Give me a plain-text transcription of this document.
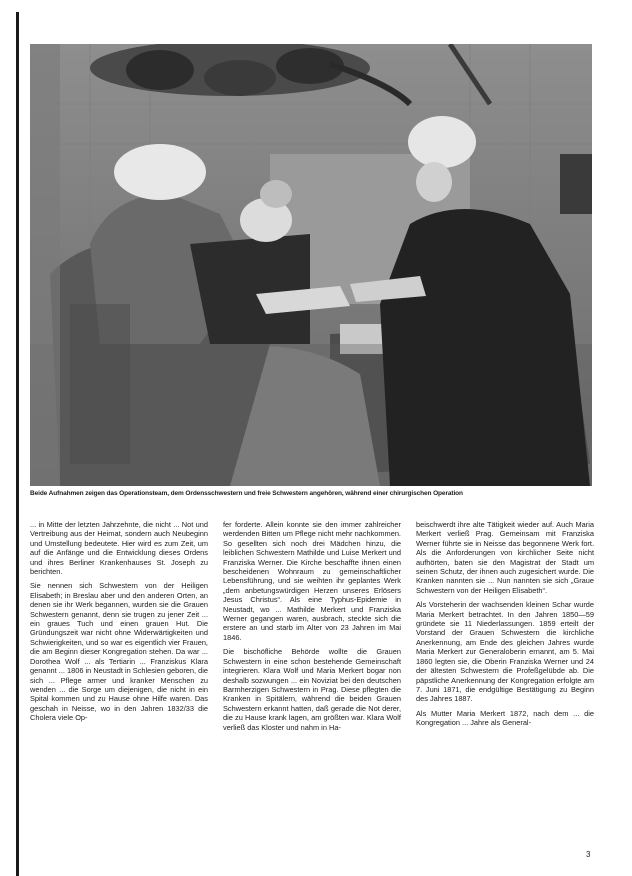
Beide Aufnahmen zeigen das Operationsteam, dem Ordensschwestern und freie Schwestern angehören, während einer chirurgischen Operation

... in Mitte der letzten Jahrzehnte, die nicht ... Not und Vertreibung aus der Heimat, sondern auch Neubeginn und Umstellung bedeutete. Hier wird es zum Zeit, um auf die Anfänge und die Entwicklung dieses Ordens und ihres Berliner Krankenhauses St. Joseph zu berichten.

Sie nennen sich Schwestern von der Heiligen Elisabeth; in Breslau aber und den anderen Orten, an denen sie ihr Werk begannen, wurden sie die Grauen Schwestern genannt, denn sie trugen zu jener Zeit ... ein graues Tuch und einen grauen Hut. Die Gründungszeit war nicht ohne Widerwärtigkeiten und Schwierigkeiten, und so war es eigentlich vier Frauen, die am Beginn dieser Kongregation stehen. Da war ... Dorothea Wolf ... als Tertiarin ... Franziskus Klara genannt ... 1806 in Neustadt in Schlesien geboren, die sich ... Pflege armer und kranker Menschen zu wenden ... die Sorge um diejenigen, die nicht in ein Spital kommen und zu Hause ohne Hilfe waren. Das geschah in Neisse, wo in den Jahren 1832/33 die Cholera viele Op-

fer forderte. Allein konnte sie den immer zahlreicher werdenden Bitten um Pflege nicht mehr nachkommen. So gesellten sich noch drei Mädchen hinzu, die leiblichen Schwestern Mathilde und Luise Merkert und Franziska Werner. Die Kirche beschaffte ihnen einen bescheidenen Wohnraum zu gemeinschaftlicher Lebensführung, und sie weihten ihr geplantes Werk „dem anbetungswürdigen Herzen unseres Erlösers Jesus Christus“. Als eine Typhus-Epidemie in Neustadt, wo ... Mathilde Merkert und Franziska Werner gegangen waren, ausbrach, steckte sich die erstere an und starb im Alter von 23 Jahren im Mai 1846.

Die bischöfliche Behörde wollte die Grauen Schwestern in eine schon bestehende Gemeinschaft integrieren. Klara Wolf und Maria Merkert bogar non deshalb sozwungen ... ein Noviziat bei den deutschen Barmherzigen Schwestern in Prag. Diese pflegten die Kranken in Spitälern, während die beiden Grauen Schwestern erkannt hatten, daß gerade die Not derer, die zu Hause krank lagen, am größten war. Klara Wolf verließ das Kloster und nahm in Ha-

beischwerdt ihre alte Tätigkeit wieder auf. Auch Maria Merkert verließ Prag. Gemeinsam mit Franziska Werner führte sie in Neisse das begonnene Werk fort. Als die Anforderungen von kirchlicher Seite nicht aufhörten, baten sie den Magistrat der Stadt um seinen Schutz, der ihnen auch zugesichert wurde. Die Kranken nannten sie ... Nun nannten sie sich „Graue Schwestern von der Heiligen Elisabeth“.

Als Vorsteherin der wachsenden kleinen Schar wurde Maria Merkert betrachtet. In den Jahren 1850—59 gründete sie 11 Niederlassungen. 1859 erteilt der Vorstand der Grauen Schwestern die kirchliche Anerkennung, am Ende des gleichen Jahres wurde Maria Merkert zur Generaloberin ernannt, am 5. Mai 1860 legten sie, die Oberin Franziska Werner und 24 der ältesten Schwestern die Profeßgelübde ab. Die päpstliche Anerkennung der Kongregation erfolgte am 7. Juni 1871, die endgültige Bestätigung zu Beginn des Jahres 1887.

Als Mutter Maria Merkert 1872, nach dem ... die Kongregation ... Jahre als General-

3
